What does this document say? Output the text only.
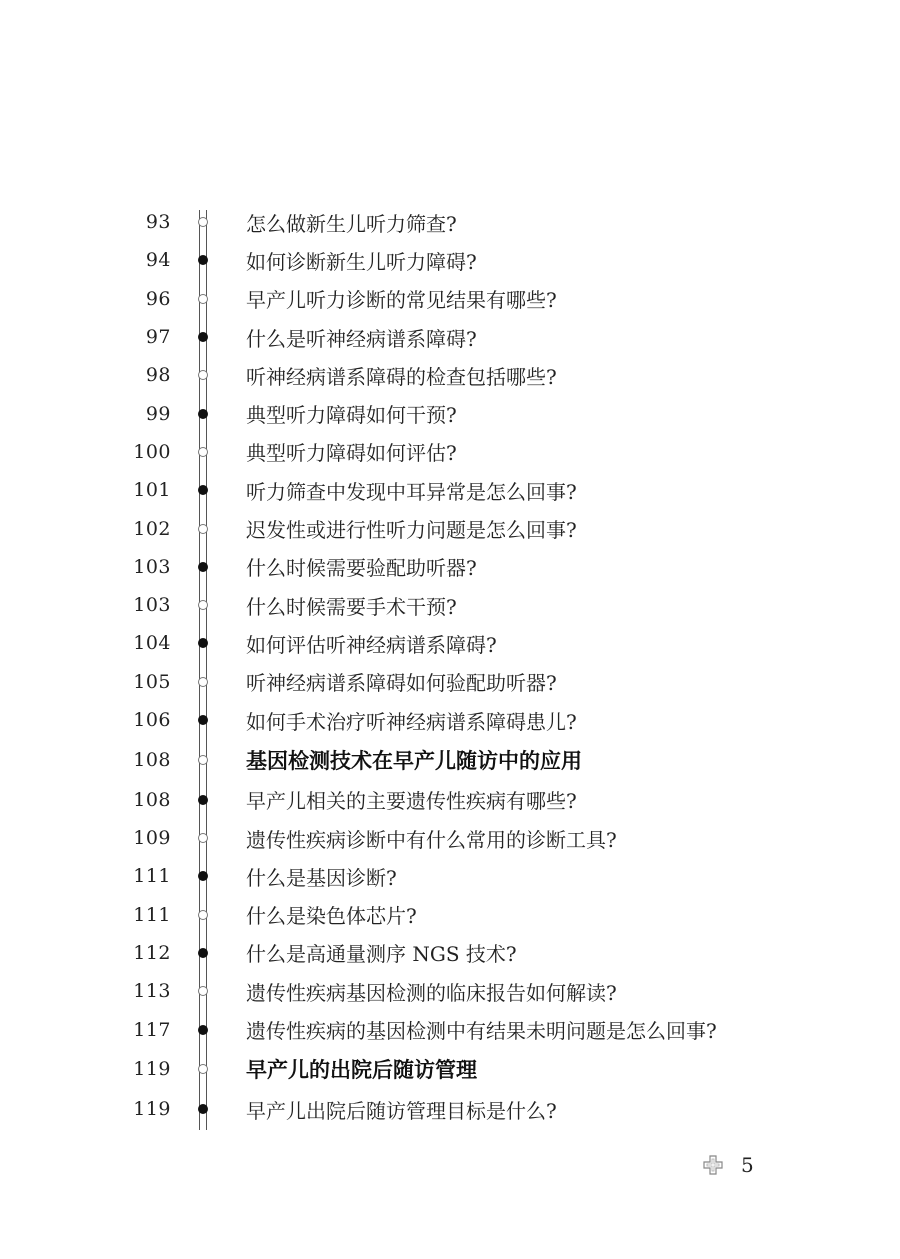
93	怎么做新生儿听力筛查?
94	如何诊断新生儿听力障碍?
96	早产儿听力诊断的常见结果有哪些?
97	什么是听神经病谱系障碍?
98	听神经病谱系障碍的检查包括哪些?
99	典型听力障碍如何干预?
100	典型听力障碍如何评估?
101	听力筛查中发现中耳异常是怎么回事?
102	迟发性或进行性听力问题是怎么回事?
103	什么时候需要验配助听器?
103	什么时候需要手术干预?
104	如何评估听神经病谱系障碍?
105	听神经病谱系障碍如何验配助听器?
106	如何手术治疗听神经病谱系障碍患儿?
108	基因检测技术在早产儿随访中的应用
108	早产儿相关的主要遗传性疾病有哪些?
109	遗传性疾病诊断中有什么常用的诊断工具?
111	什么是基因诊断?
111	什么是染色体芯片?
112	什么是高通量测序 NGS 技术?
113	遗传性疾病基因检测的临床报告如何解读?
117	遗传性疾病的基因检测中有结果未明问题是怎么回事?
119	早产儿的出院后随访管理
119	早产儿出院后随访管理目标是什么?
5
